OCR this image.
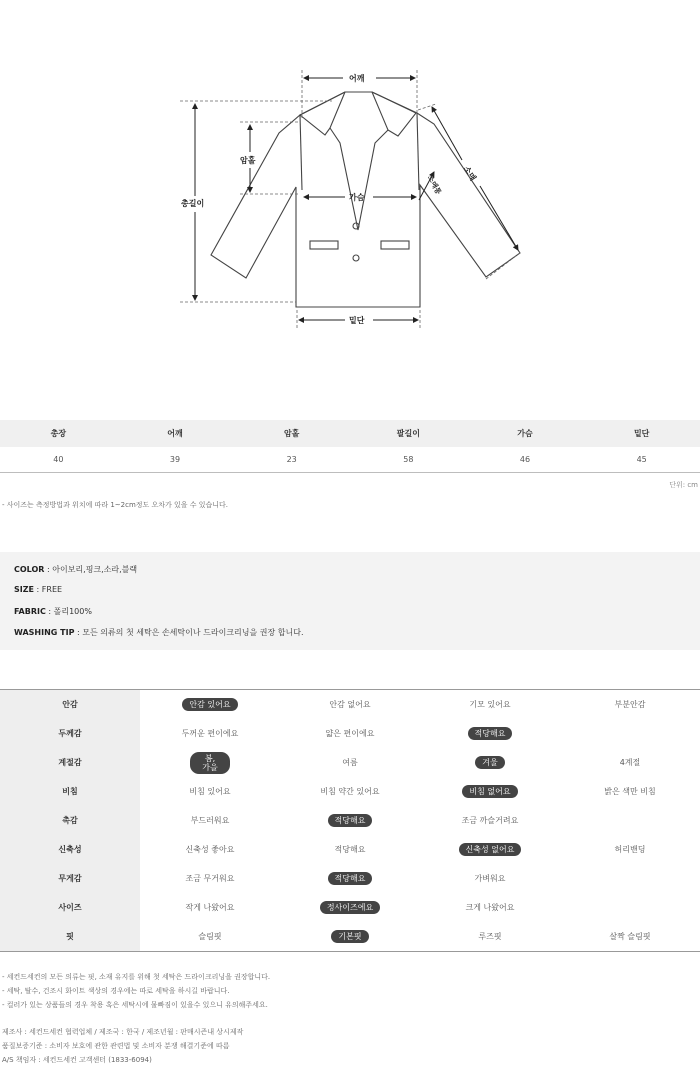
어깨
암홀
총길이
가슴
밑단
소매
소매통
총장	어깨	암홀	팔길이	가슴	밑단
40	39	23	58	46	45
단위: cm
- 사이즈는 측정방법과 위치에 따라 1~2cm정도 오차가 있을 수 있습니다.
COLOR : 아이보리,핑크,소라,블랙
SIZE : FREE
FABRIC : 폴리100%
WASHING TIP : 모든 의류의 첫 세탁은 손세탁이나 드라이크리닝을 권장 합니다.
안감	안감 있어요	안감 없어요	기모 있어요	부분안감
두께감	두꺼운 편이에요	얇은 편이에요	적당해요
계절감	봄, 가을	여름	겨울	4계절
비침	비침 있어요	비침 약간 있어요	비침 없어요	밝은 색만 비침
촉감	부드러워요	적당해요	조금 까슬거려요
신축성	신축성 좋아요	적당해요	신축성 없어요	허리밴딩
무게감	조금 무거워요	적당해요	가벼워요
사이즈	작게 나왔어요	정사이즈에요	크게 나왔어요
핏	슬림핏	기본핏	루즈핏	살짝 슬림핏
- 세컨드세컨의 모든 의류는 핏, 소재 유지를 위해 첫 세탁은 드라이크리닝을 권장합니다.
- 세탁, 탈수, 건조시 화이트 색상의 경우에는 따로 세탁을 하시길 바랍니다.
- 컬러가 있는 상품들의 경우 착용 혹은 세탁시에 물빠짐이 있을수 있으니 유의해주세요.
제조사 : 세컨드세컨 협력업체 / 제조국 : 한국 / 제조년월 : 판매시즌내 상시제작
품질보증기준 : 소비자 보호에 관한 관련법 및 소비자 분쟁 해결기준에 따름
A/S 책임자 : 세컨드세컨 고객센터 (1833-6094)
